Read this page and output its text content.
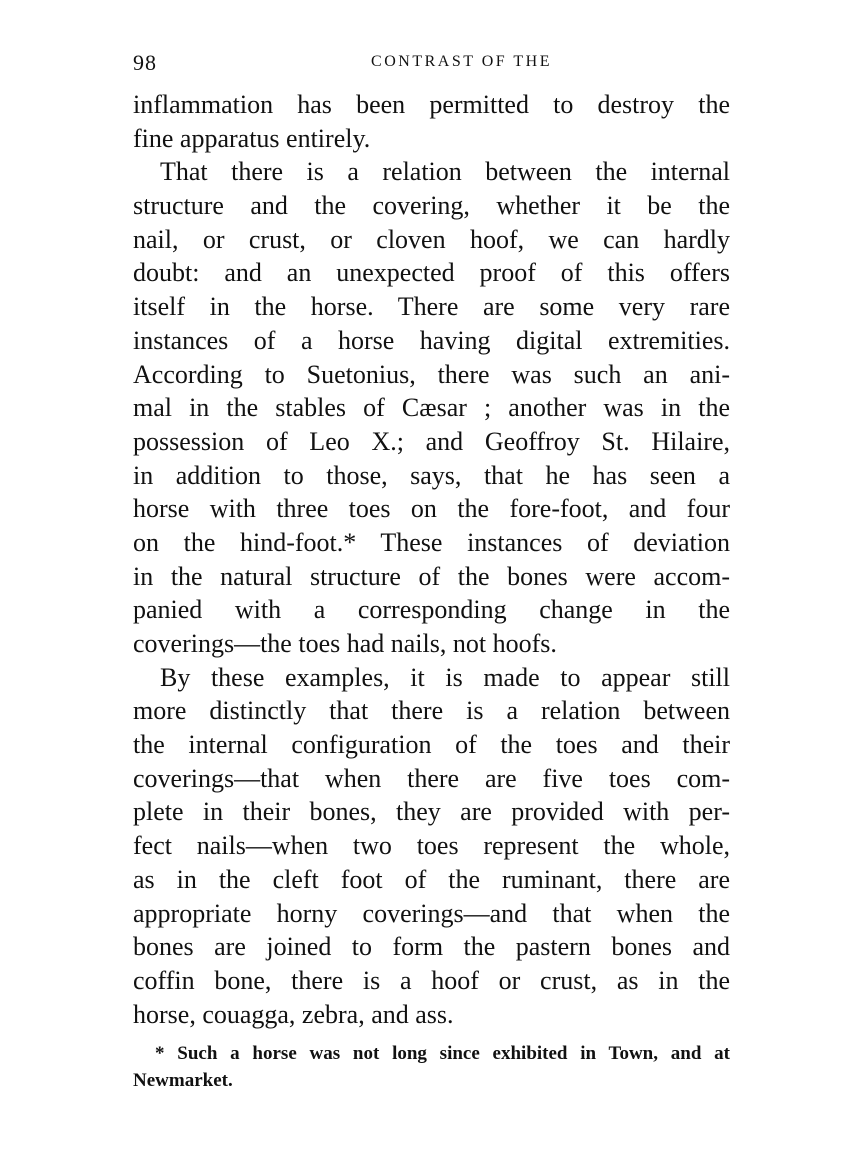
98	CONTRAST OF THE
inflammation has been permitted to destroy the
fine apparatus entirely.
That there is a relation between the internal
structure and the covering, whether it be the
nail, or crust, or cloven hoof, we can hardly
doubt: and an unexpected proof of this offers
itself in the horse. There are some very rare
instances of a horse having digital extremities.
According to Suetonius, there was such an ani-
mal in the stables of Cæsar ; another was in the
possession of Leo X.; and Geoffroy St. Hilaire,
in addition to those, says, that he has seen a
horse with three toes on the fore-foot, and four
on the hind-foot.* These instances of deviation
in the natural structure of the bones were accom-
panied with a corresponding change in the
coverings—the toes had nails, not hoofs.
By these examples, it is made to appear still
more distinctly that there is a relation between
the internal configuration of the toes and their
coverings—that when there are five toes com-
plete in their bones, they are provided with per-
fect nails—when two toes represent the whole,
as in the cleft foot of the ruminant, there are
appropriate horny coverings—and that when the
bones are joined to form the pastern bones and
coffin bone, there is a hoof or crust, as in the
horse, couagga, zebra, and ass.
* Such a horse was not long since exhibited in Town, and at
Newmarket.
